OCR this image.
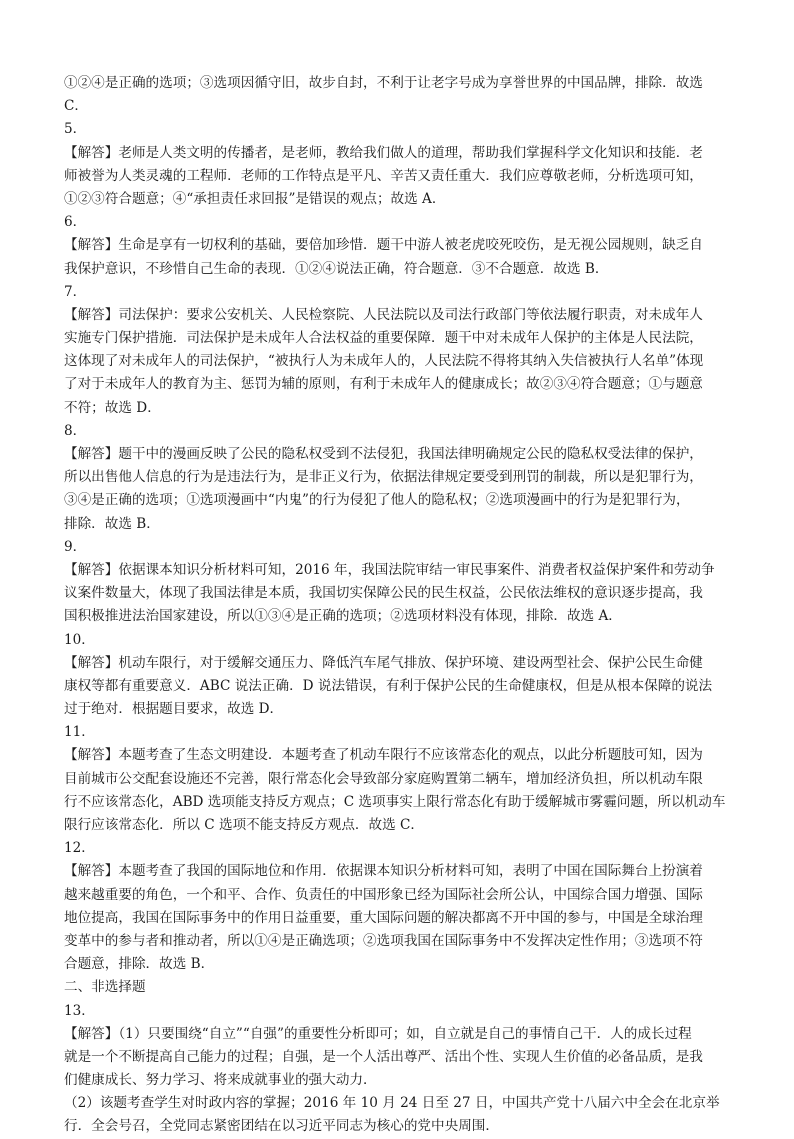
①②④是正确的选项；③选项因循守旧，故步自封，不利于让老字号成为享誉世界的中国品牌，排除．故选
C．
5．
【解答】老师是人类文明的传播者，是老师，教给我们做人的道理，帮助我们掌握科学文化知识和技能．老
师被誉为人类灵魂的工程师．老师的工作特点是平凡、辛苦又责任重大．我们应尊敬老师，分析选项可知，
①②③符合题意；④“承担责任求回报”是错误的观点；故选 A．
6．
【解答】生命是享有一切权利的基础，要倍加珍惜．题干中游人被老虎咬死咬伤，是无视公园规则，缺乏自
我保护意识，不珍惜自己生命的表现．①②④说法正确，符合题意．③不合题意．故选 B．
7．
【解答】司法保护：要求公安机关、人民检察院、人民法院以及司法行政部门等依法履行职责，对未成年人
实施专门保护措施．司法保护是未成年人合法权益的重要保障．题干中对未成年人保护的主体是人民法院，
这体现了对未成年人的司法保护，“被执行人为未成年人的，人民法院不得将其纳入失信被执行人名单”体现
了对于未成年人的教育为主、惩罚为辅的原则，有利于未成年人的健康成长；故②③④符合题意；①与题意
不符；故选 D．
8．
【解答】题干中的漫画反映了公民的隐私权受到不法侵犯，我国法律明确规定公民的隐私权受法律的保护，
所以出售他人信息的行为是违法行为，是非正义行为，依据法律规定要受到刑罚的制裁，所以是犯罪行为，
③④是正确的选项；①选项漫画中“内鬼”的行为侵犯了他人的隐私权；②选项漫画中的行为是犯罪行为，
排除．故选 B．
9．
【解答】依据课本知识分析材料可知，2016 年，我国法院审结一审民事案件、消费者权益保护案件和劳动争
议案件数量大，体现了我国法律是本质，我国切实保障公民的民生权益，公民依法维权的意识逐步提高，我
国积极推进法治国家建设，所以①③④是正确的选项；②选项材料没有体现，排除．故选 A．
10．
【解答】机动车限行，对于缓解交通压力、降低汽车尾气排放、保护环境、建设两型社会、保护公民生命健
康权等都有重要意义．ABC 说法正确．D 说法错误，有利于保护公民的生命健康权，但是从根本保障的说法
过于绝对．根据题目要求，故选 D．
11．
【解答】本题考查了生态文明建设．本题考查了机动车限行不应该常态化的观点，以此分析题肢可知，因为
目前城市公交配套设施还不完善，限行常态化会导致部分家庭购置第二辆车，增加经济负担，所以机动车限
行不应该常态化，ABD 选项能支持反方观点；C 选项事实上限行常态化有助于缓解城市雾霾问题，所以机动车
限行应该常态化．所以 C 选项不能支持反方观点．故选 C．
12．
【解答】本题考查了我国的国际地位和作用．依据课本知识分析材料可知，表明了中国在国际舞台上扮演着
越来越重要的角色，一个和平、合作、负责任的中国形象已经为国际社会所公认，中国综合国力增强、国际
地位提高，我国在国际事务中的作用日益重要，重大国际问题的解决都离不开中国的参与，中国是全球治理
变革中的参与者和推动者，所以①④是正确选项；②选项我国在国际事务中不发挥决定性作用；③选项不符
合题意，排除．故选 B．
二、非选择题
13．
【解答】（1）只要围绕“自立”“自强”的重要性分析即可；如，自立就是自己的事情自己干．人的成长过程
就是一个不断提高自己能力的过程；自强，是一个人活出尊严、活出个性、实现人生价值的必备品质，是我
们健康成长、努力学习、将来成就事业的强大动力．
（2）该题考查学生对时政内容的掌握；2016 年 10 月 24 日至 27 日，中国共产党十八届六中全会在北京举
行．全会号召，全党同志紧密团结在以习近平同志为核心的党中央周围．
